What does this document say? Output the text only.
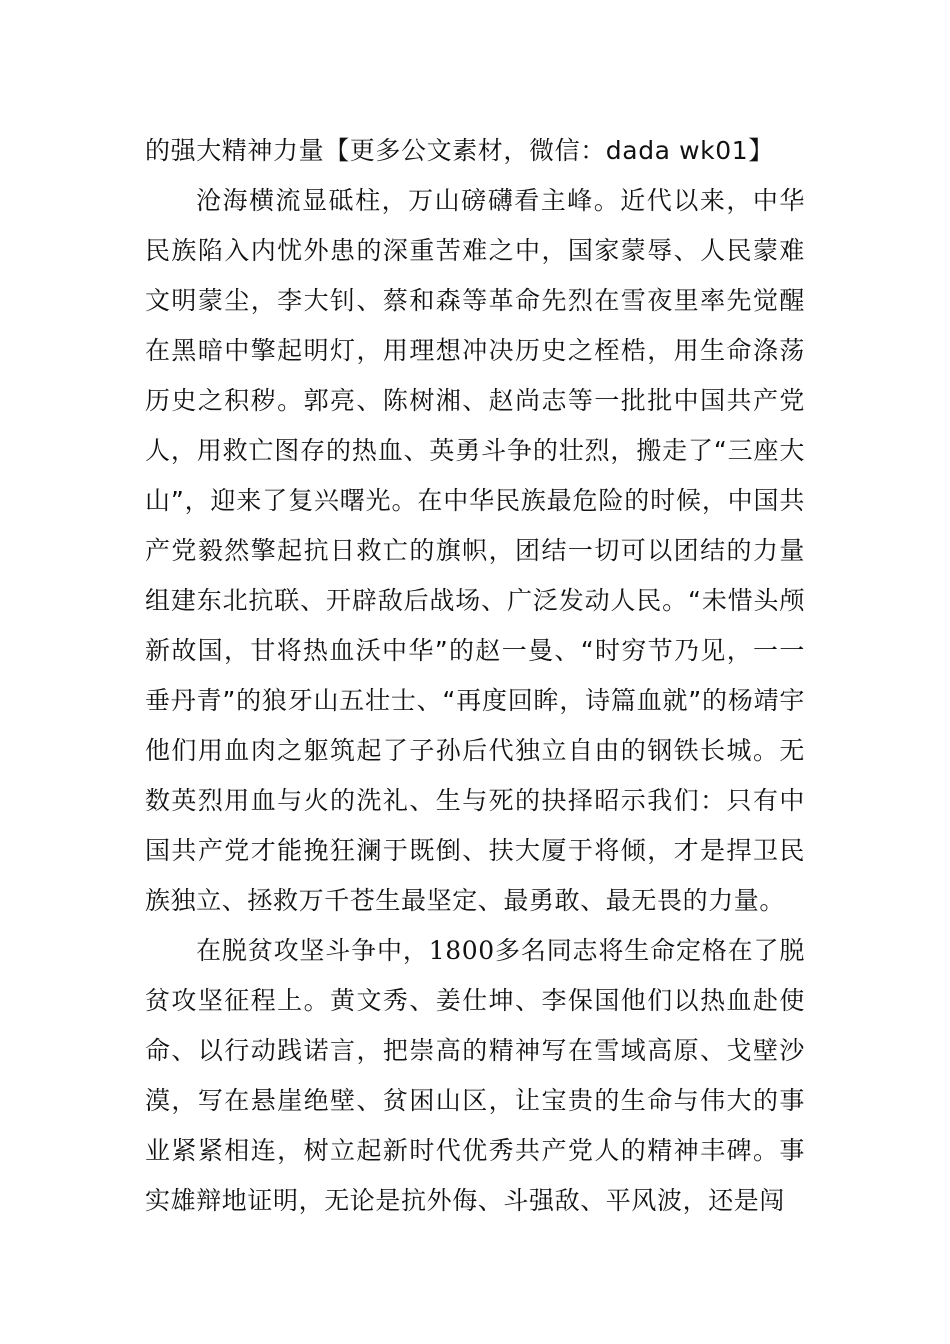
的强大精神力量【更多公文素材，微信：dada wk01】

沧海横流显砥柱，万山磅礴看主峰。近代以来，中华民族陷入内忧外患的深重苦难之中，国家蒙辱、人民蒙难文明蒙尘，李大钊、蔡和森等革命先烈在雪夜里率先觉醒在黑暗中擎起明灯，用理想冲决历史之桎梏，用生命涤荡历史之积秽。郭亮、陈树湘、赵尚志等一批批中国共产党人，用救亡图存的热血、英勇斗争的壮烈，搬走了“三座大山”，迎来了复兴曙光。在中华民族最危险的时候，中国共产党毅然擎起抗日救亡的旗帜，团结一切可以团结的力量组建东北抗联、开辟敌后战场、广泛发动人民。“未惜头颅新故国，甘将热血沃中华”的赵一曼、“时穷节乃见，一一垂丹青”的狼牙山五壮士、“再度回眸，诗篇血就”的杨靖宇他们用血肉之躯筑起了子孙后代独立自由的钢铁长城。无数英烈用血与火的洗礼、生与死的抉择昭示我们：只有中国共产党才能挽狂澜于既倒、扶大厦于将倾，才是捍卫民族独立、拯救万千苍生最坚定、最勇敢、最无畏的力量。

在脱贫攻坚斗争中，1800多名同志将生命定格在了脱贫攻坚征程上。黄文秀、姜仕坤、李保国他们以热血赴使命、以行动践诺言，把崇高的精神写在雪域高原、戈壁沙漠，写在悬崖绝壁、贫困山区，让宝贵的生命与伟大的事业紧紧相连，树立起新时代优秀共产党人的精神丰碑。事实雄辩地证明，无论是抗外侮、斗强敌、平风波，还是闯
